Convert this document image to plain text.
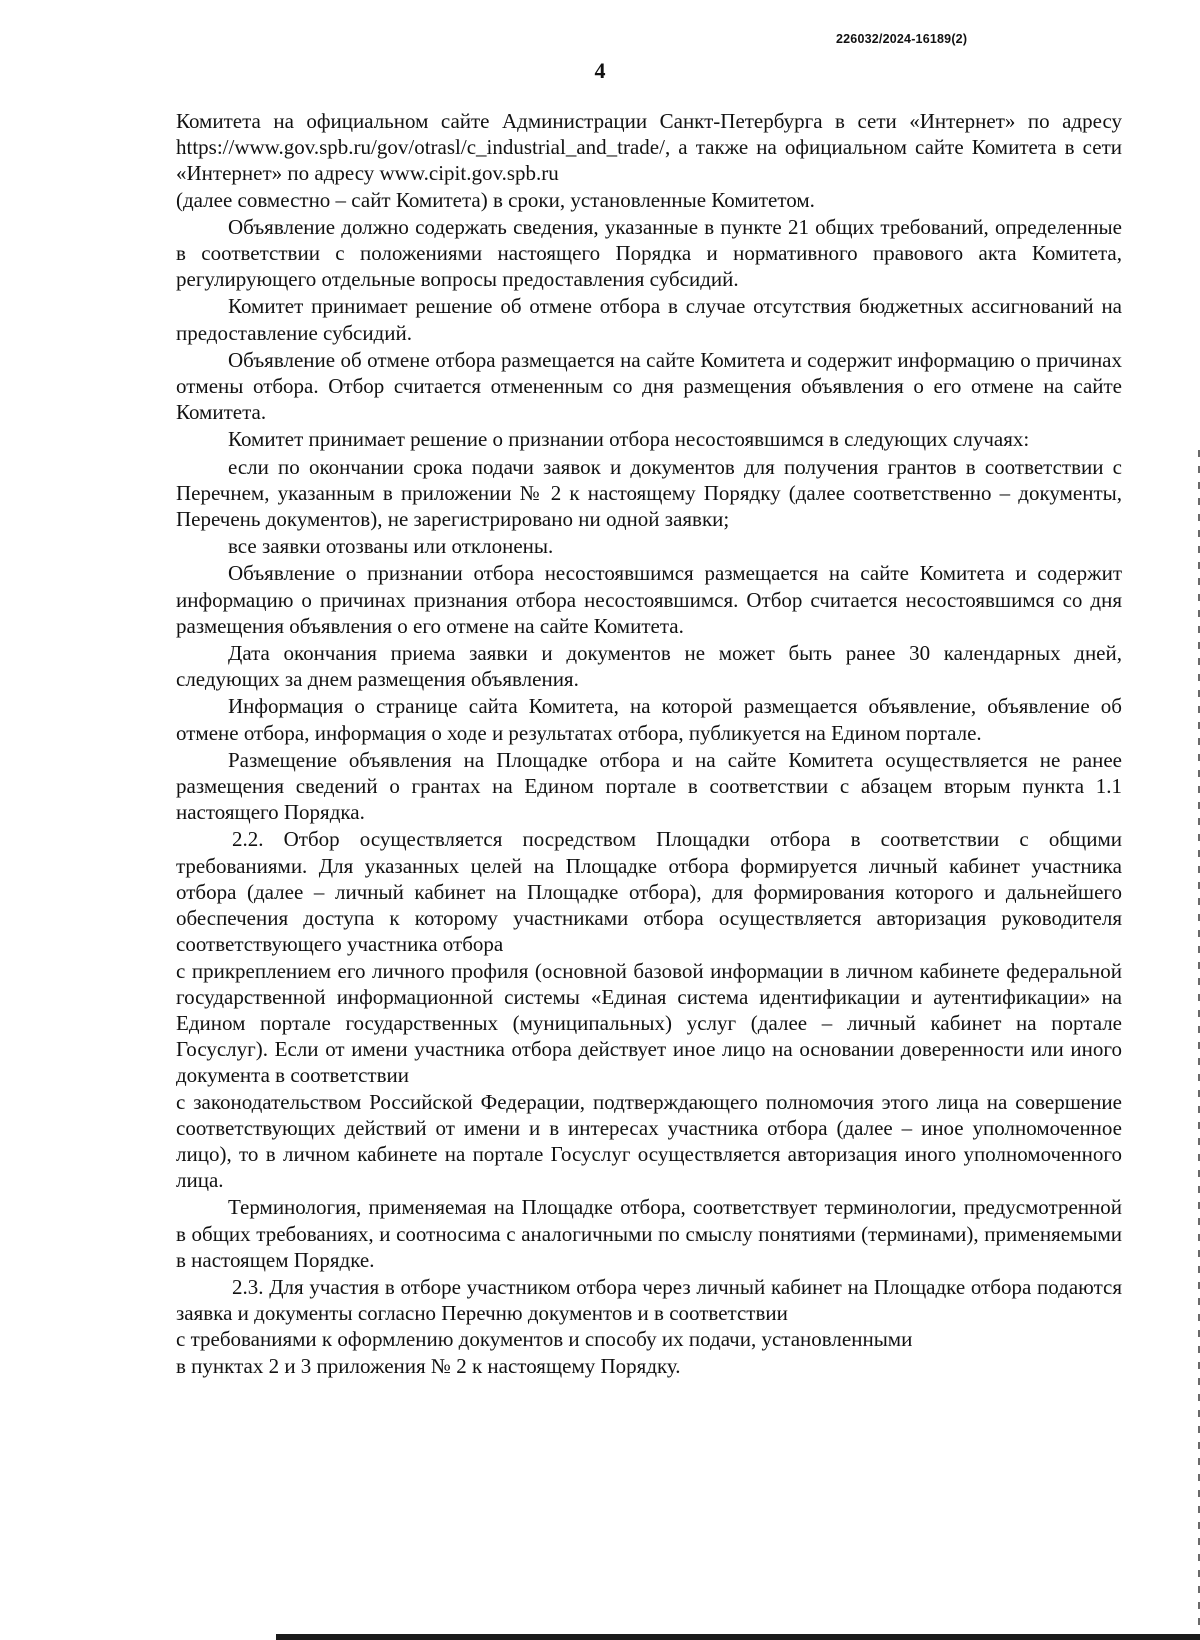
226032/2024-16189(2)
4

Комитета на официальном сайте Администрации Санкт-Петербурга в сети «Интернет» по адресу https://www.gov.spb.ru/gov/otrasl/c_industrial_and_trade/, а также на официальном сайте Комитета в сети «Интернет» по адресу www.cipit.gov.spb.ru
(далее совместно – сайт Комитета) в сроки, установленные Комитетом.

Объявление должно содержать сведения, указанные в пункте 21 общих требований, определенные в соответствии с положениями настоящего Порядка и нормативного правового акта Комитета, регулирующего отдельные вопросы предоставления субсидий.

Комитет принимает решение об отмене отбора в случае отсутствия бюджетных ассигнований на предоставление субсидий.

Объявление об отмене отбора размещается на сайте Комитета и содержит информацию о причинах отмены отбора. Отбор считается отмененным со дня размещения объявления о его отмене на сайте Комитета.

Комитет принимает решение о признании отбора несостоявшимся в следующих случаях:

если по окончании срока подачи заявок и документов для получения грантов в соответствии с Перечнем, указанным в приложении № 2 к настоящему Порядку (далее соответственно – документы, Перечень документов), не зарегистрировано ни одной заявки;

все заявки отозваны или отклонены.

Объявление о признании отбора несостоявшимся размещается на сайте Комитета и содержит информацию о причинах признания отбора несостоявшимся. Отбор считается несостоявшимся со дня размещения объявления о его отмене на сайте Комитета.

Дата окончания приема заявки и документов не может быть ранее 30 календарных дней, следующих за днем размещения объявления.

Информация о странице сайта Комитета, на которой размещается объявление, объявление об отмене отбора, информация о ходе и результатах отбора, публикуется на Едином портале.

Размещение объявления на Площадке отбора и на сайте Комитета осуществляется не ранее размещения сведений о грантах на Едином портале в соответствии с абзацем вторым пункта 1.1 настоящего Порядка.

2.2. Отбор осуществляется посредством Площадки отбора в соответствии с общими требованиями. Для указанных целей на Площадке отбора формируется личный кабинет участника отбора (далее – личный кабинет на Площадке отбора), для формирования которого и дальнейшего обеспечения доступа к которому участниками отбора осуществляется авторизация руководителя соответствующего участника отбора
с прикреплением его личного профиля (основной базовой информации в личном кабинете федеральной государственной информационной системы «Единая система идентификации и аутентификации» на Едином портале государственных (муниципальных) услуг (далее – личный кабинет на портале Госуслуг). Если от имени участника отбора действует иное лицо на основании доверенности или иного документа в соответствии
с законодательством Российской Федерации, подтверждающего полномочия этого лица на совершение соответствующих действий от имени и в интересах участника отбора (далее – иное уполномоченное лицо), то в личном кабинете на портале Госуслуг осуществляется авторизация иного уполномоченного лица.

Терминология, применяемая на Площадке отбора, соответствует терминологии, предусмотренной в общих требованиях, и соотносима с аналогичными по смыслу понятиями (терминами), применяемыми в настоящем Порядке.

2.3. Для участия в отборе участником отбора через личный кабинет на Площадке отбора подаются заявка и документы согласно Перечню документов и в соответствии
с требованиями к оформлению документов и способу их подачи, установленными
в пунктах 2 и 3 приложения № 2 к настоящему Порядку.
